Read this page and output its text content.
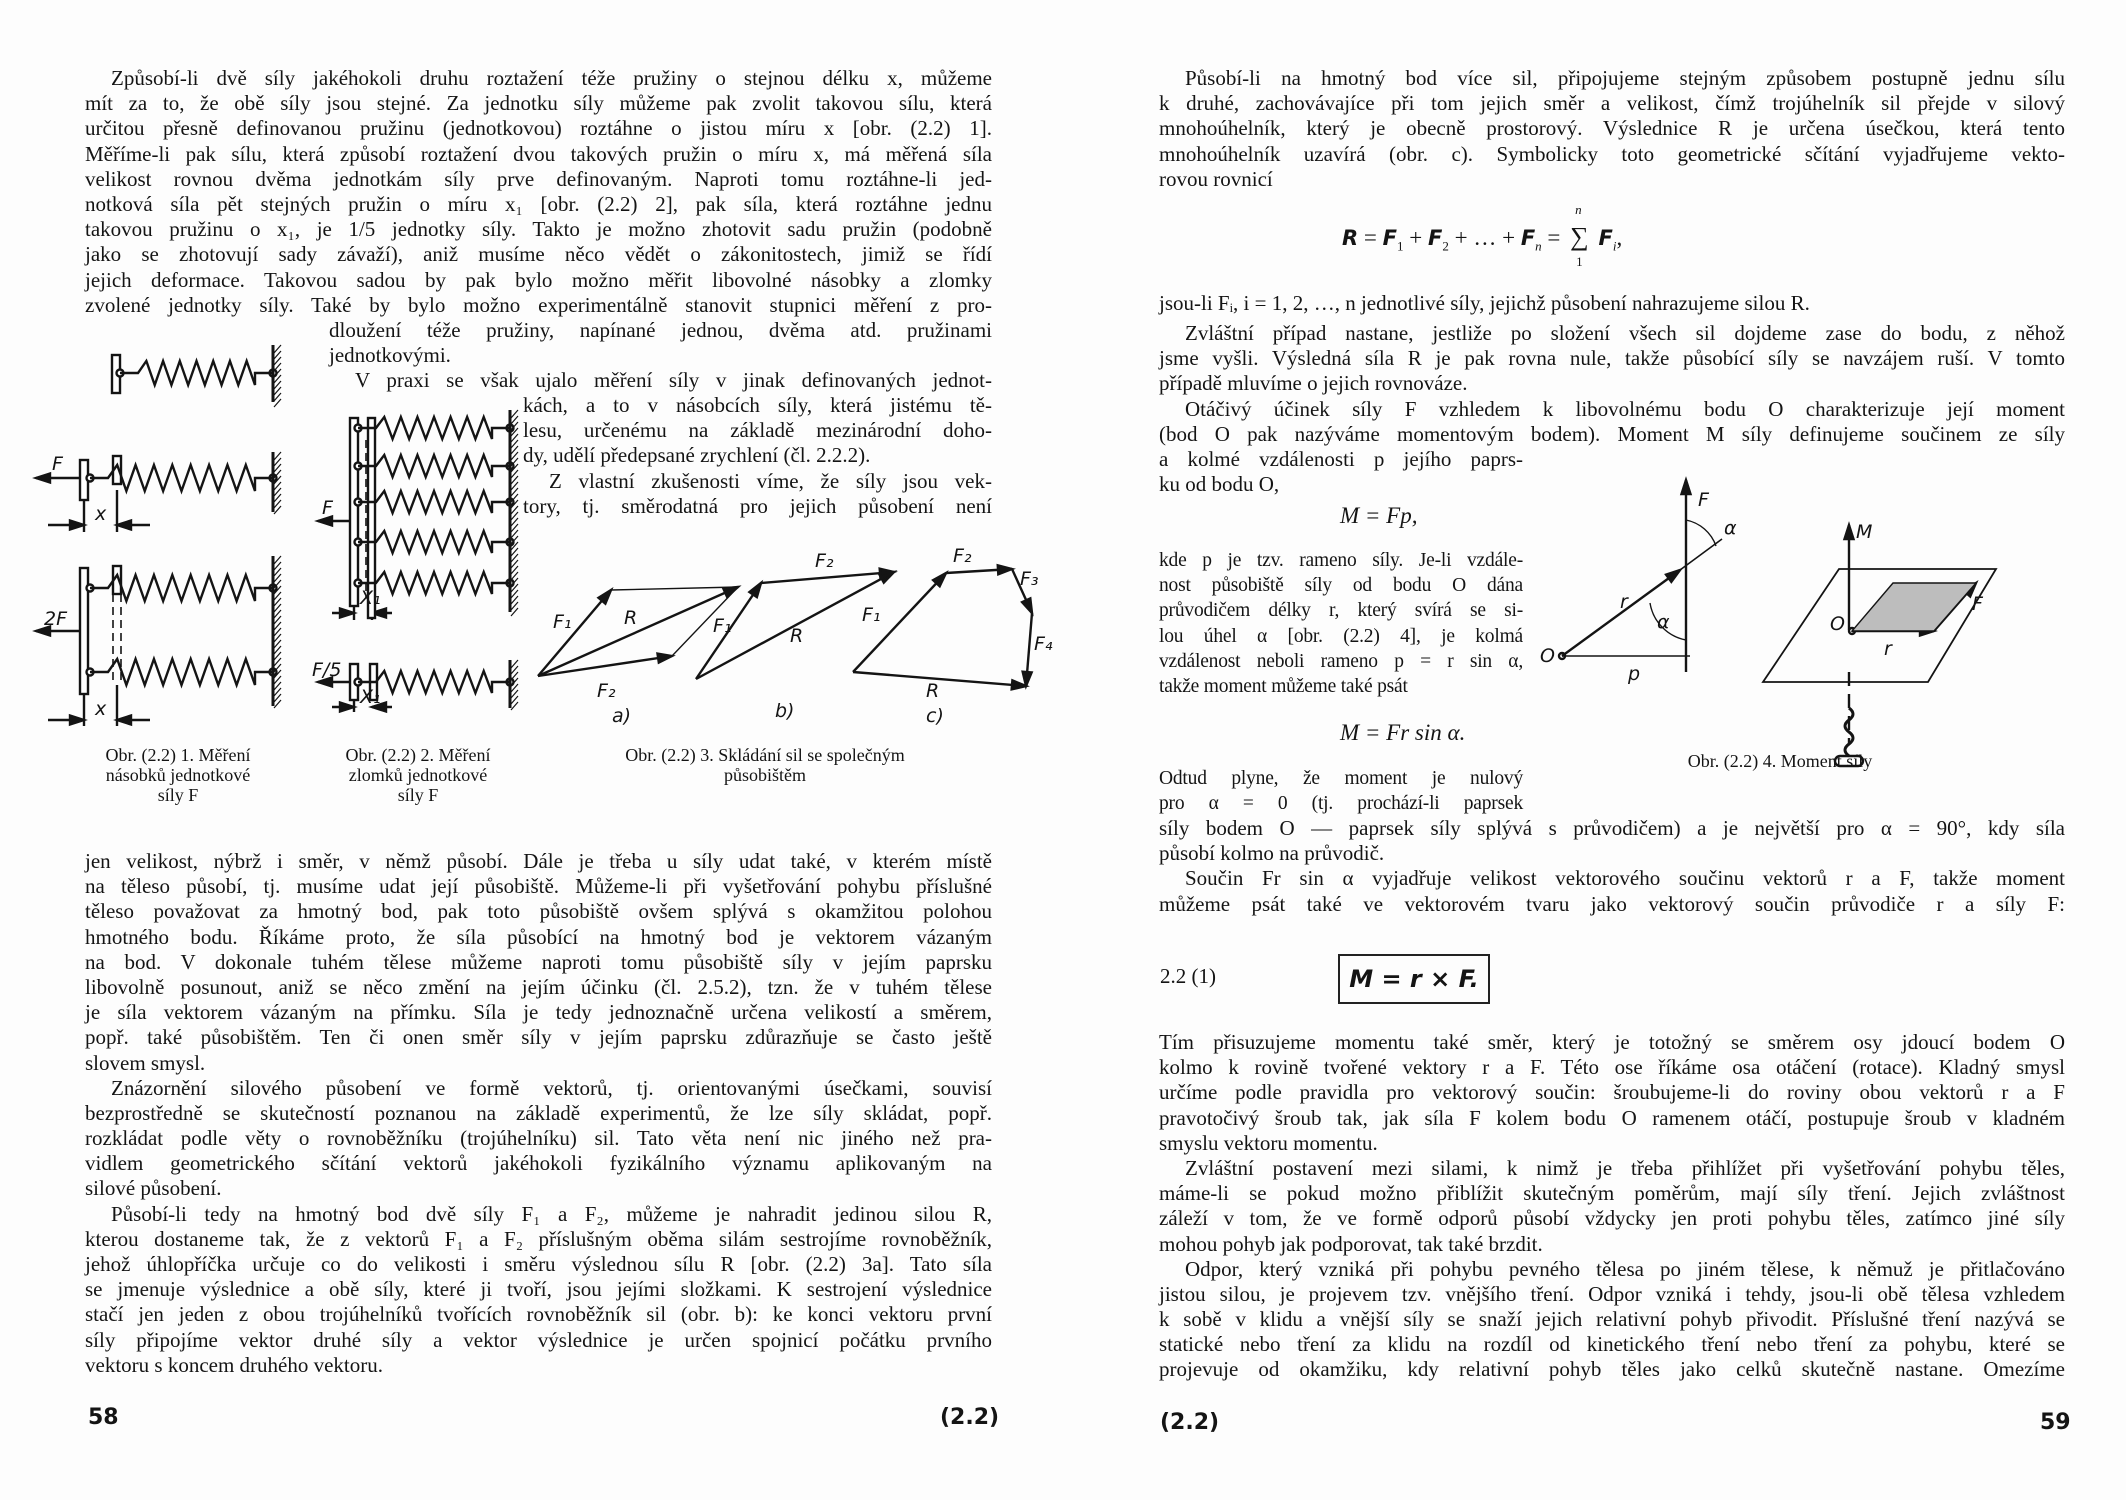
Způsobí-li dvě síly jakéhokoli druhu roztažení téže pružiny o stejnou délku x, můžeme
mít za to, že obě síly jsou stejné. Za jednotku síly můžeme pak zvolit takovou sílu, která
určitou přesně definovanou pružinu (jednotkovou) roztáhne o jistou míru x [obr. (2.2) 1].
Měříme-li pak sílu, která způsobí roztažení dvou takových pružin o míru x, má měřená síla
velikost rovnou dvěma jednotkám síly prve definovaným. Naproti tomu roztáhne-li jed-
notková síla pět stejných pružin o míru x₁ [obr. (2.2) 2], pak síla, která roztáhne jednu
takovou pružinu o x₁, je 1/5 jednotky síly. Takto je možno zhotovit sadu pružin (podobně
jako se zhotovují sady závaží), aniž musíme něco vědět o zákonitostech, jimiž se řídí
jejich deformace. Takovou sadou by pak bylo možno měřit libovolné násobky a zlomky
zvolené jednotky síly. Také by bylo možno experimentálně stanovit stupnici měření z pro-
dloužení téže pružiny, napínané jednou, dvěma atd. pružinami
jednotkovými.
V praxi se však ujalo měření síly v jinak definovaných jednot-
kách, a to v násobcích síly, která jistému tě-
lesu, určenému na základě mezinárodní doho-
dy, udělí předepsané zrychlení (čl. 2.2.2).
Z vlastní zkušenosti víme, že síly jsou vek-
tory, tj. směrodatná pro jejich působení není
jen velikost, nýbrž i směr, v němž působí. Dále je třeba u síly udat také, v kterém místě
na těleso působí, tj. musíme udat její působiště. Můžeme-li při vyšetřování pohybu příslušné
těleso považovat za hmotný bod, pak toto působiště ovšem splývá s okamžitou polohou
hmotného bodu. Říkáme proto, že síla působící na hmotný bod je vektorem vázaným
na bod. V dokonale tuhém tělese můžeme naproti tomu působiště síly v jejím paprsku
libovolně posunout, aniž se něco změní na jejím účinku (čl. 2.5.2), tzn. že v tuhém tělese
je síla vektorem vázaným na přímku. Síla je tedy jednoznačně určena velikostí a směrem,
popř. také působištěm. Ten či onen směr síly v jejím paprsku zdůrazňuje se často ještě
slovem smysl.
Znázornění silového působení ve formě vektorů, tj. orientovanými úsečkami, souvisí
bezprostředně se skutečností poznanou na základě experimentů, že lze síly skládat, popř.
rozkládat podle věty o rovnoběžníku (trojúhelníku) sil. Tato věta není nic jiného než pra-
vidlem geometrického sčítání vektorů jakéhokoli fyzikálního významu aplikovaným na
silové působení.
Působí-li tedy na hmotný bod dvě síly F₁ a F₂, můžeme je nahradit jedinou silou R,
kterou dostaneme tak, že z vektorů F₁ a F₂ příslušným oběma silám sestrojíme rovnoběžník,
jehož úhlopříčka určuje co do velikosti i směru výslednou sílu R [obr. (2.2) 3a]. Tato síla
se jmenuje výslednice a obě síly, které ji tvoří, jsou jejími složkami. K sestrojení výslednice
stačí jen jeden z obou trojúhelníků tvořících rovnoběžník sil (obr. b): ke konci vektoru první
síly připojíme vektor druhé síly a vektor výslednice je určen spojnicí počátku prvního
vektoru s koncem druhého vektoru.
F
x
2F
x
F
X₁
F/5
X₁
F₁	R
F₂
a)
F₁
F₂
R
b)
F₁
F₂
F₃
F₄
R
c)
Obr. (2.2) 1. Měření
násobků jednotkové
síly F
Obr. (2.2) 2. Měření
zlomků jednotkové
síly F
Obr. (2.2) 3. Skládání sil se společným
působištěm
58	(2.2)
Působí-li na hmotný bod více sil, připojujeme stejným způsobem postupně jednu sílu
k druhé, zachovávajíce při tom jejich směr a velikost, čímž trojúhelník sil přejde v silový
mnohoúhelník, který je obecně prostorový. Výslednice R je určena úsečkou, která tento
mnohoúhelník uzavírá (obr. c). Symbolicky toto geometrické sčítání vyjadřujeme vekto-
rovou rovnicí
$R = F_1 + F_2$ + … + $F_n$ = ∑
n
1
$F_i$,
jsou-li Fᵢ, i = 1, 2, …, n jednotlivé síly, jejichž působení nahrazujeme silou R.
Zvláštní případ nastane, jestliže po složení všech sil dojdeme zase do bodu, z něhož
jsme vyšli. Výsledná síla R je pak rovna nule, takže působící síly se navzájem ruší. V tomto
případě mluvíme o jejich rovnováze.
Otáčivý účinek síly F vzhledem k libovolnému bodu O charakterizuje její moment
(bod O pak nazýváme momentovým bodem). Moment M síly definujeme součinem ze síly
a kolmé vzdálenosti p jejího paprs-
ku od bodu O,
M = Fp,
kde p je tzv. rameno síly. Je-li vzdále-
nost působiště síly od bodu O dána
průvodičem délky r, který svírá se si-
lou úhel α [obr. (2.2) 4], je kolmá
vzdálenost neboli rameno p = r sin α,
takže moment můžeme také psát
M = Fr sin α.
Odtud plyne, že moment je nulový
pro α = 0 (tj. prochází-li paprsek
síly bodem O — paprsek síly splývá s průvodičem) a je největší pro α = 90°, kdy síla
působí kolmo na průvodič.
Součin Fr sin α vyjadřuje velikost vektorového součinu vektorů r a F, takže moment
můžeme psát také ve vektorovém tvaru jako vektorový součin průvodiče r a síly F:
2.2 (1)	M = r × F.
Tím přisuzujeme momentu také směr, který je totožný se směrem osy jdoucí bodem O
kolmo k rovině tvořené vektory r a F. Této ose říkáme osa otáčení (rotace). Kladný smysl
určíme podle pravidla pro vektorový součin: šroubujeme-li do roviny obou vektorů r a F
pravotočivý šroub tak, jak síla F kolem bodu O ramenem otáčí, postupuje šroub v kladném
smyslu vektoru momentu.
Zvláštní postavení mezi silami, k nimž je třeba přihlížet při vyšetřování pohybu těles,
máme-li se pokud možno přiblížit skutečným poměrům, mají síly tření. Jejich zvláštnost
záleží v tom, že ve formě odporů působí vždycky jen proti pohybu těles, zatímco jiné síly
mohou pohyb jak podporovat, tak také brzdit.
Odpor, který vzniká při pohybu pevného tělesa po jiném tělese, k němuž je přitlačováno
jistou silou, je projevem tzv. vnějšího tření. Odpor vzniká i tehdy, jsou-li obě tělesa vzhledem
k sobě v klidu a vnější síly se snaží jejich relativní pohyb přivodit. Příslušné tření nazývá se
statické nebo tření za klidu na rozdíl od kinetického tření nebo tření za pohybu, které se
projevuje od okamžiku, kdy relativní pohyb těles jako celků skutečně nastane. Omezíme
F
α
r
α
O
p
M
O
r
F
Obr. (2.2) 4. Moment síly
(2.2)	59
